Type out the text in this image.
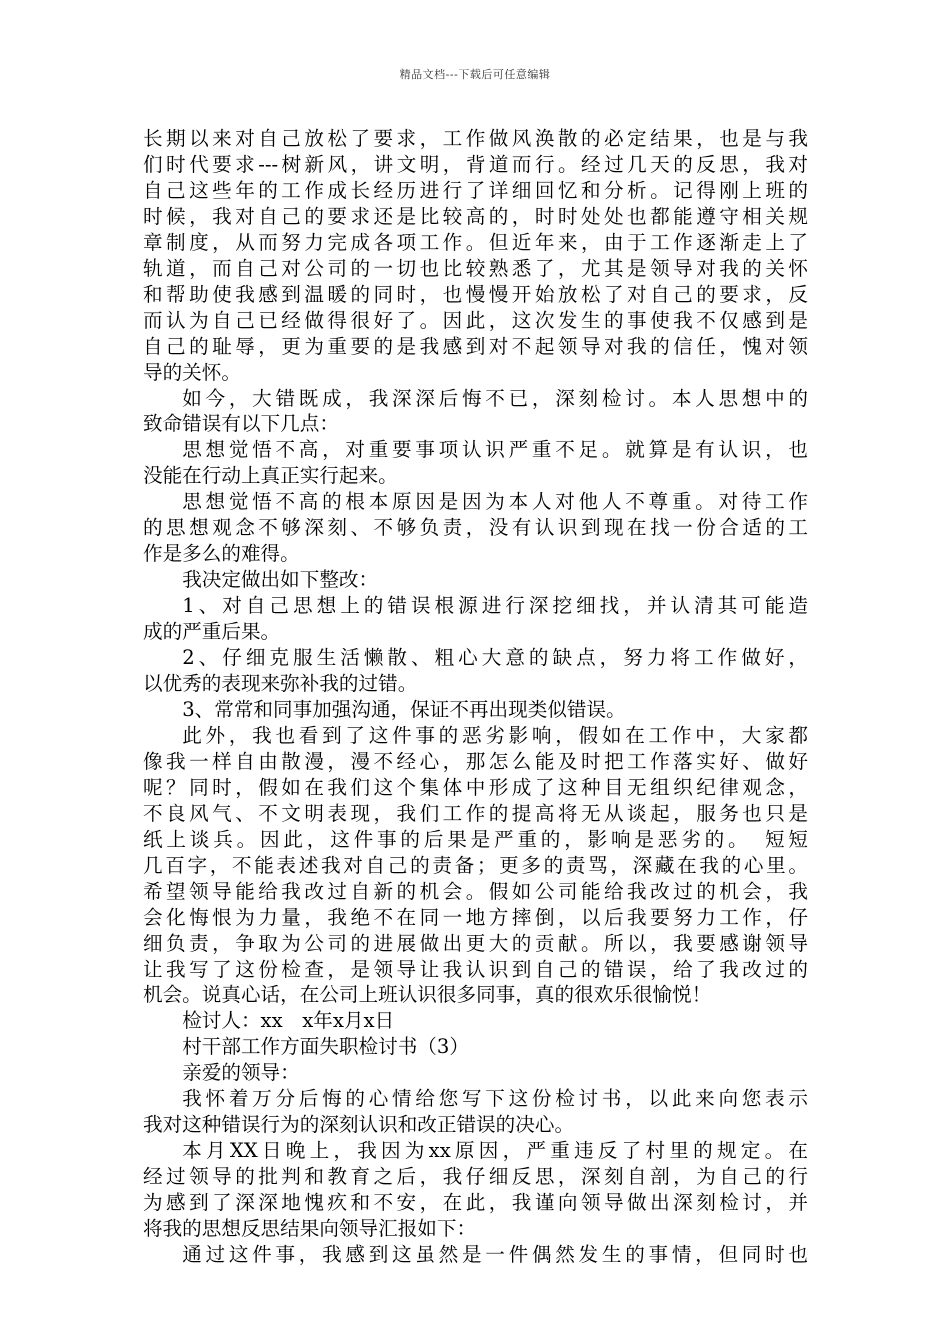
精品文档---下载后可任意编辑

长期以来对自己放松了要求，工作做风涣散的必定结果，也是与我
们时代要求---树新风，讲文明，背道而行。经过几天的反思，我对
自己这些年的工作成长经历进行了详细回忆和分析。记得刚上班的
时候，我对自己的要求还是比较高的，时时处处也都能遵守相关规
章制度，从而努力完成各项工作。但近年来，由于工作逐渐走上了
轨道，而自己对公司的一切也比较熟悉了，尤其是领导对我的关怀
和帮助使我感到温暖的同时，也慢慢开始放松了对自己的要求，反
而认为自己已经做得很好了。因此，这次发生的事使我不仅感到是
自己的耻辱，更为重要的是我感到对不起领导对我的信任，愧对领
导的关怀。

如今，大错既成，我深深后悔不已，深刻检讨。本人思想中的
致命错误有以下几点：

思想觉悟不高，对重要事项认识严重不足。就算是有认识，也
没能在行动上真正实行起来。

思想觉悟不高的根本原因是因为本人对他人不尊重。对待工作
的思想观念不够深刻、不够负责，没有认识到现在找一份合适的工
作是多么的难得。

我决定做出如下整改：

1、对自己思想上的错误根源进行深挖细找，并认清其可能造
成的严重后果。

2、仔细克服生活懒散、粗心大意的缺点，努力将工作做好，
以优秀的表现来弥补我的过错。

3、常常和同事加强沟通，保证不再出现类似错误。

此外，我也看到了这件事的恶劣影响，假如在工作中，大家都
像我一样自由散漫，漫不经心，那怎么能及时把工作落实好、做好
呢？同时，假如在我们这个集体中形成了这种目无组织纪律观念，
不良风气、不文明表现，我们工作的提高将无从谈起，服务也只是
纸上谈兵。因此，这件事的后果是严重的，影响是恶劣的。　短短
几百字，不能表述我对自己的责备；更多的责骂，深藏在我的心里。
希望领导能给我改过自新的机会。假如公司能给我改过的机会，我
会化悔恨为力量，我绝不在同一地方摔倒，以后我要努力工作，仔
细负责，争取为公司的进展做出更大的贡献。所以，我要感谢领导
让我写了这份检查，是领导让我认识到自己的错误，给了我改过的
机会。说真心话，在公司上班认识很多同事，真的很欢乐很愉悦！

检讨人：xx　x年x月x日

村干部工作方面失职检讨书（3）

亲爱的领导：

我怀着万分后悔的心情给您写下这份检讨书，以此来向您表示
我对这种错误行为的深刻认识和改正错误的决心。

本月XX日晚上，我因为xx原因，严重违反了村里的规定。在
经过领导的批判和教育之后，我仔细反思，深刻自剖，为自己的行
为感到了深深地愧疚和不安，在此，我谨向领导做出深刻检讨，并
将我的思想反思结果向领导汇报如下：

通过这件事，我感到这虽然是一件偶然发生的事情，但同时也
